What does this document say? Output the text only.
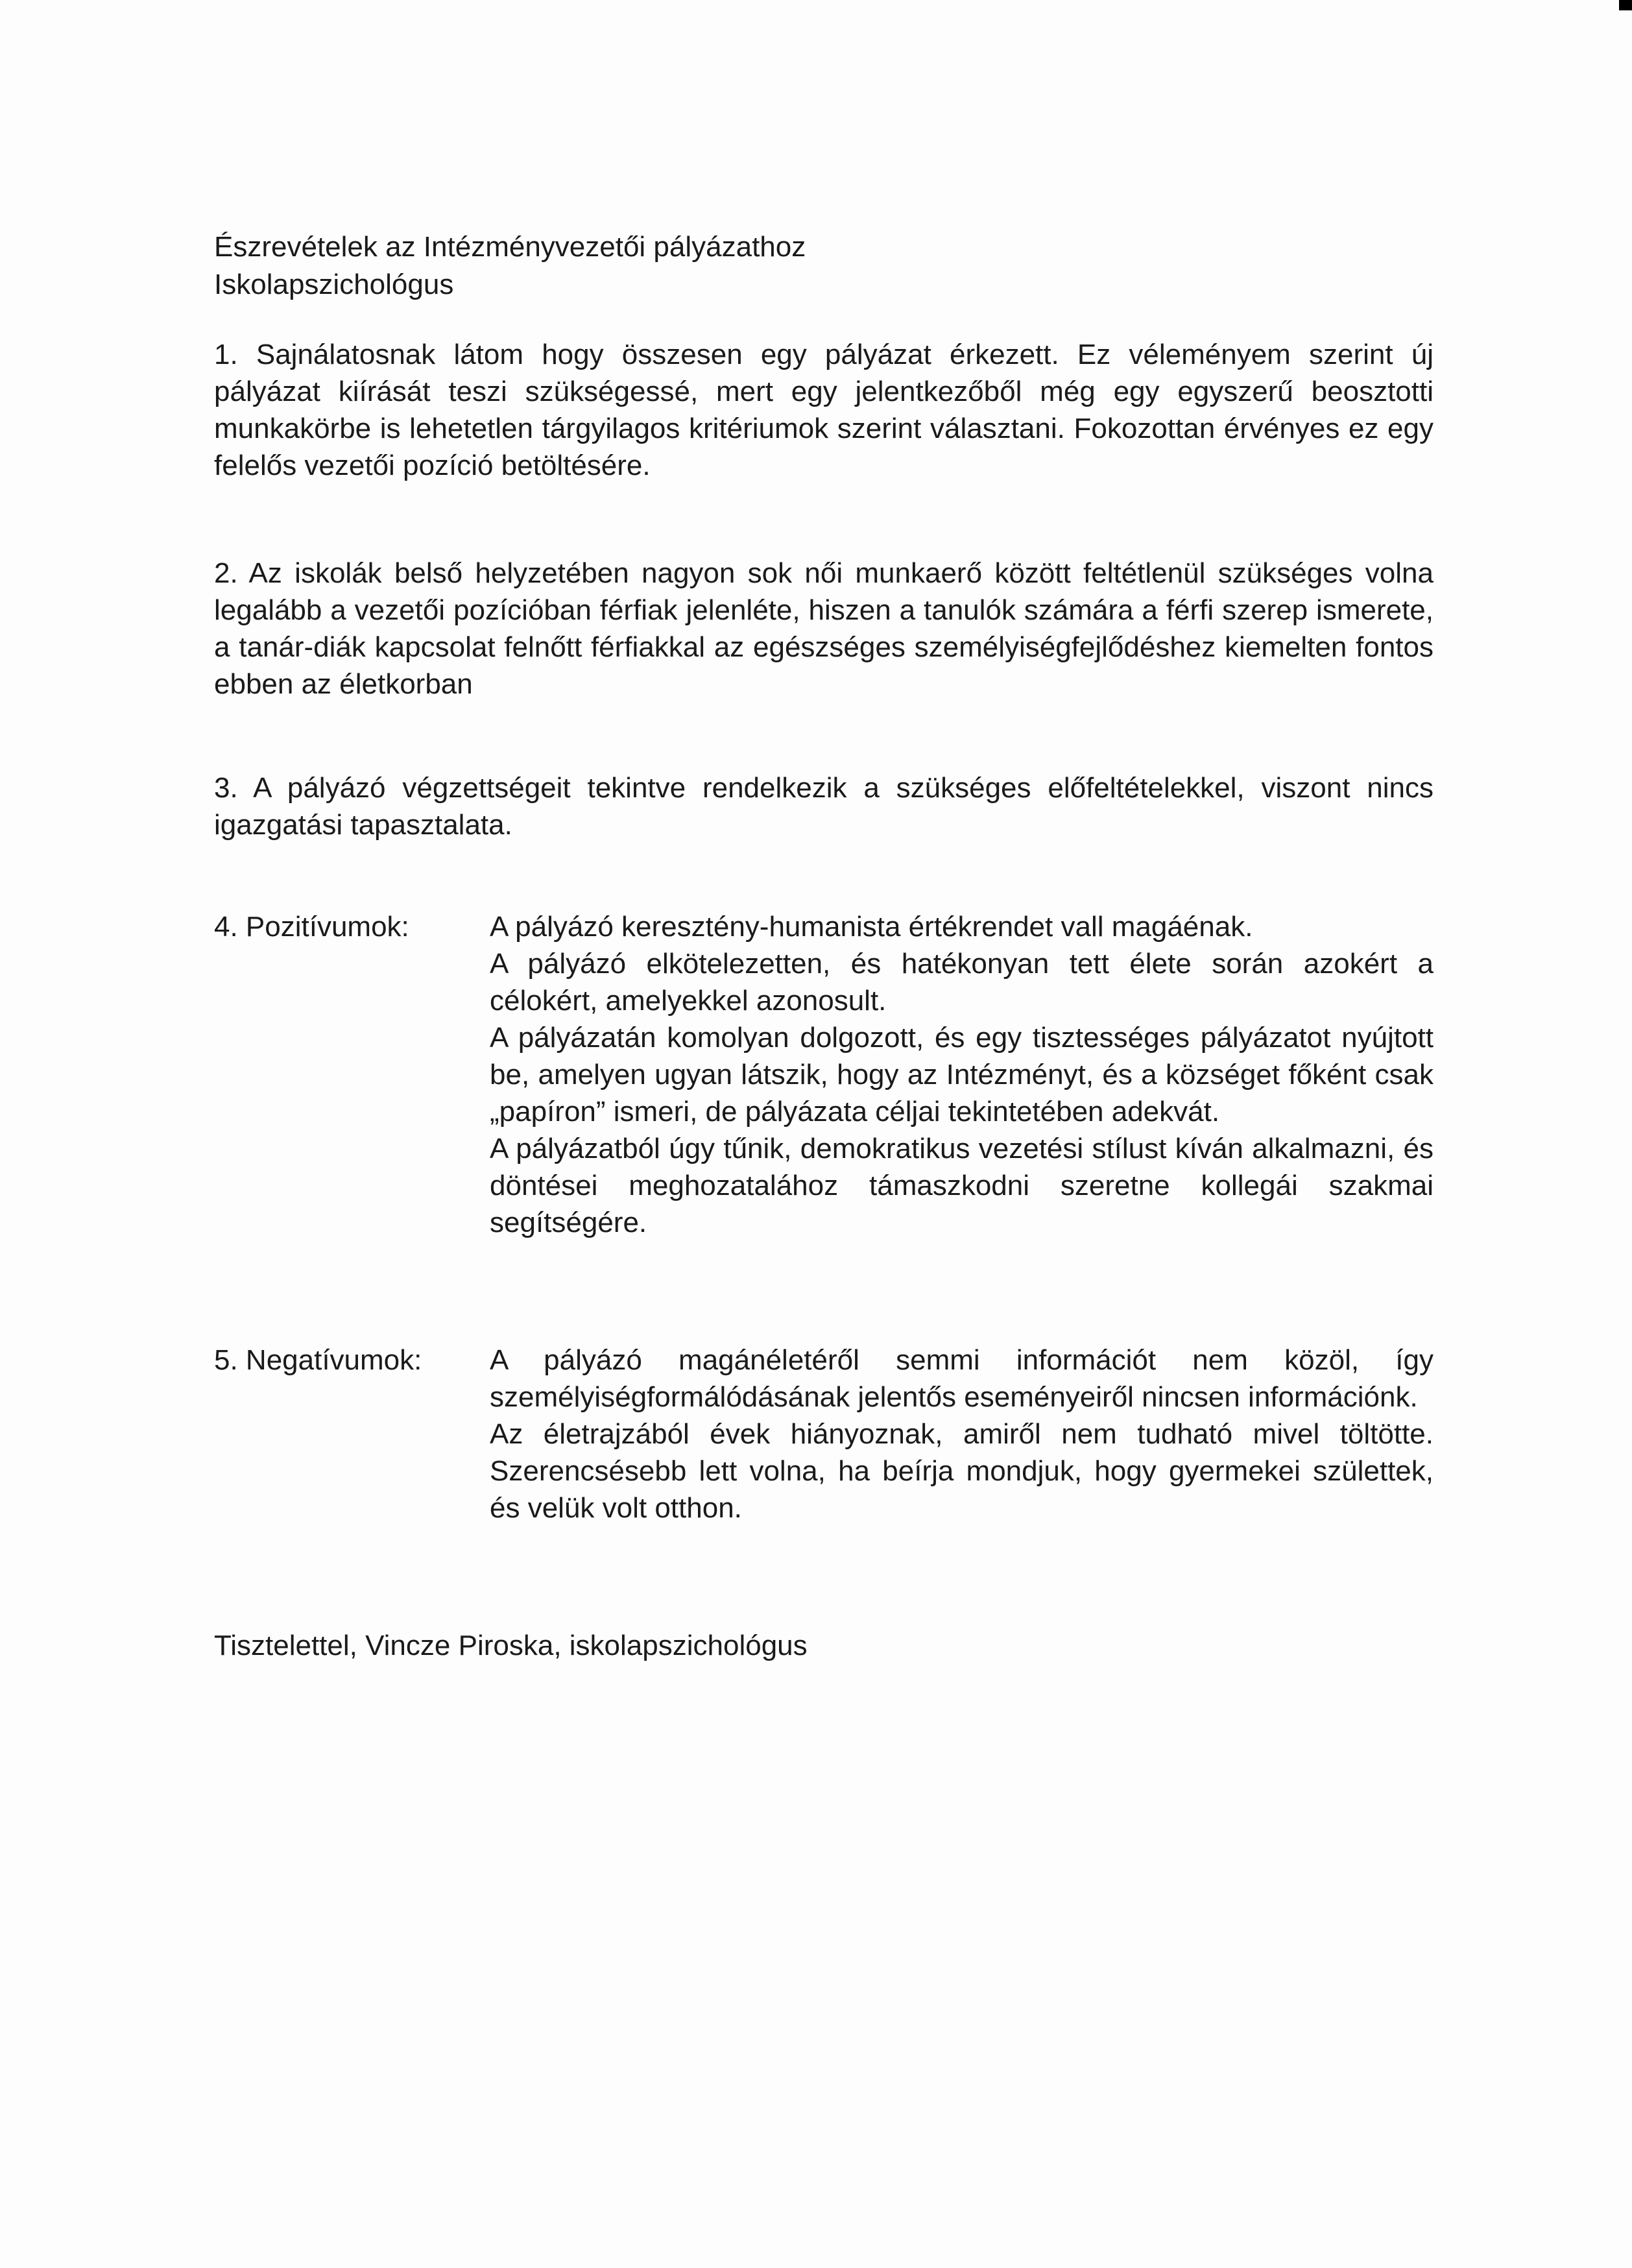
Észrevételek az Intézményvezetői pályázathoz
Iskolapszichológus
1. Sajnálatosnak látom hogy összesen egy pályázat érkezett. Ez véleményem szerint új pályázat kiírását teszi szükségessé, mert egy jelentkezőből még egy egyszerű beosztotti munkakörbe is lehetetlen tárgyilagos kritériumok szerint választani. Fokozottan érvényes ez egy felelős vezetői pozíció betöltésére.
2. Az iskolák belső helyzetében nagyon sok női munkaerő között feltétlenül szükséges volna legalább a vezetői pozícióban férfiak jelenléte, hiszen a tanulók számára a férfi szerep ismerete, a tanár-diák kapcsolat felnőtt férfiakkal az egészséges személyiségfejlődéshez kiemelten fontos ebben az életkorban
3. A pályázó végzettségeit tekintve rendelkezik a szükséges előfeltételekkel, viszont nincs igazgatási tapasztalata.
4. Pozitívumok:	A pályázó keresztény-humanista értékrendet vall magáénak.

A pályázó elkötelezetten, és hatékonyan tett élete során azokért a célokért, amelyekkel azonosult.

A pályázatán komolyan dolgozott, és egy tisztességes pályázatot nyújtott be, amelyen ugyan látszik, hogy az Intézményt, és a községet főként csak „papíron” ismeri, de pályázata céljai tekintetében adekvát.

A pályázatból úgy tűnik, demokratikus vezetési stílust kíván alkalmazni, és döntései meghozatalához támaszkodni szeretne kollegái szakmai segítségére.

5. Negatívumok:	A pályázó magánéletéről semmi információt nem közöl, így személyiségformálódásának jelentős eseményeiről nincsen információnk.

Az életrajzából évek hiányoznak, amiről nem tudható mivel töltötte. Szerencsésebb lett volna, ha beírja mondjuk, hogy gyermekei születtek, és velük volt otthon.

Tisztelettel, Vincze Piroska, iskolapszichológus
